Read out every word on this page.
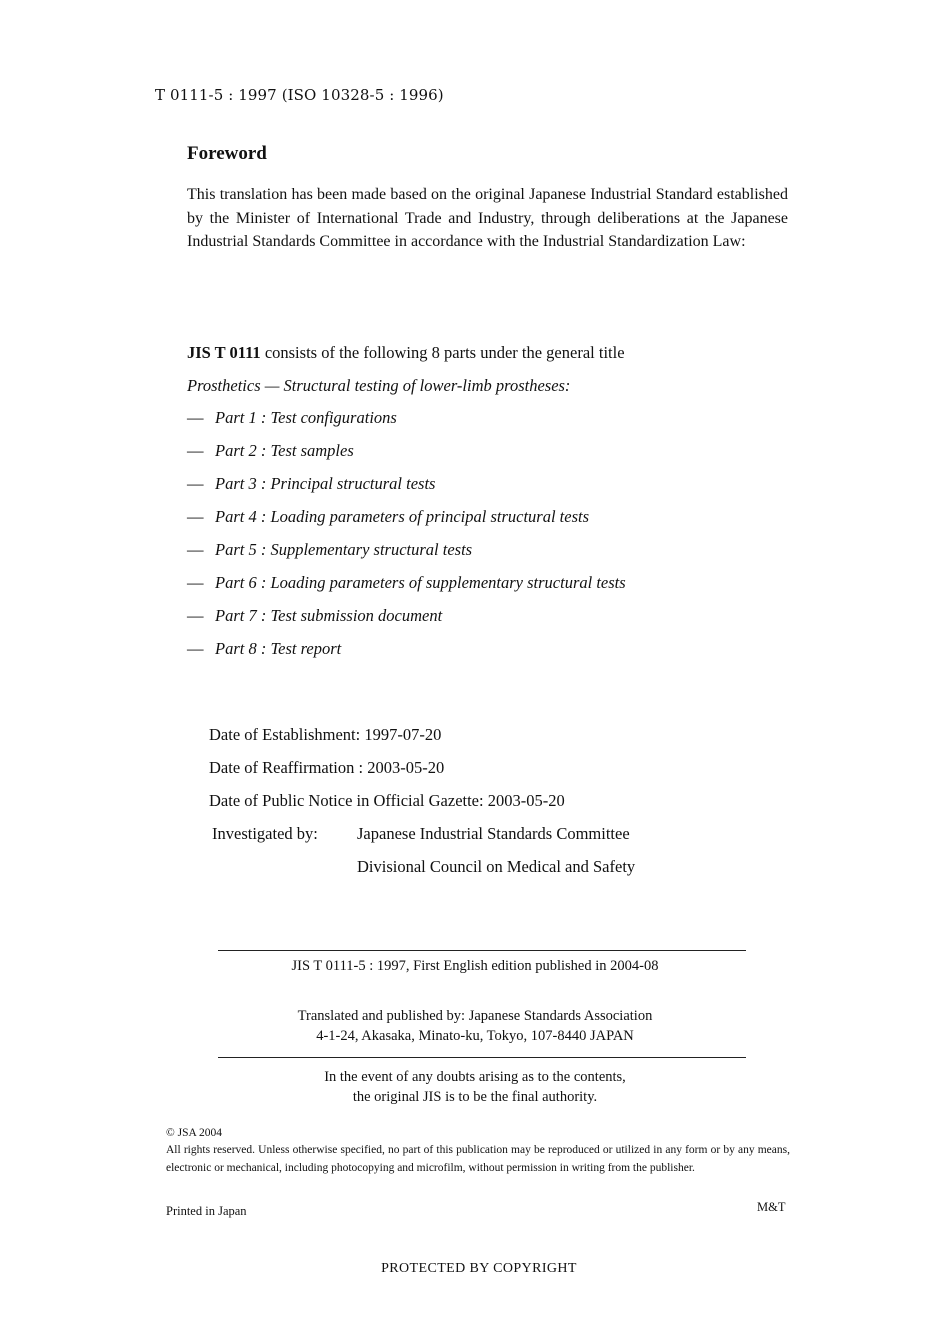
T 0111-5 : 1997 (ISO 10328-5 : 1996)
Foreword
This translation has been made based on the original Japanese Industrial Standard established by the Minister of International Trade and Industry, through deliberations at the Japanese Industrial Standards Committee in accordance with the Industrial Standardization Law:
JIS T 0111 consists of the following 8 parts under the general title
Prosthetics — Structural testing of lower-limb prostheses:
— Part 1 : Test configurations
— Part 2 : Test samples
— Part 3 : Principal structural tests
— Part 4 : Loading parameters of principal structural tests
— Part 5 : Supplementary structural tests
— Part 6 : Loading parameters of supplementary structural tests
— Part 7 : Test submission document
— Part 8 : Test report
Date of Establishment: 1997-07-20
Date of Reaffirmation : 2003-05-20
Date of Public Notice in Official Gazette: 2003-05-20
Investigated by: Japanese Industrial Standards Committee
Divisional Council on Medical and Safety
JIS T 0111-5 : 1997, First English edition published in 2004-08
Translated and published by: Japanese Standards Association
4-1-24, Akasaka, Minato-ku, Tokyo, 107-8440 JAPAN
In the event of any doubts arising as to the contents,
the original JIS is to be the final authority.
© JSA 2004
All rights reserved. Unless otherwise specified, no part of this publication may be reproduced or utilized in any form or by any means, electronic or mechanical, including photocopying and microfilm, without permission in writing from the publisher.
Printed in Japan	M&T
PROTECTED BY COPYRIGHT
